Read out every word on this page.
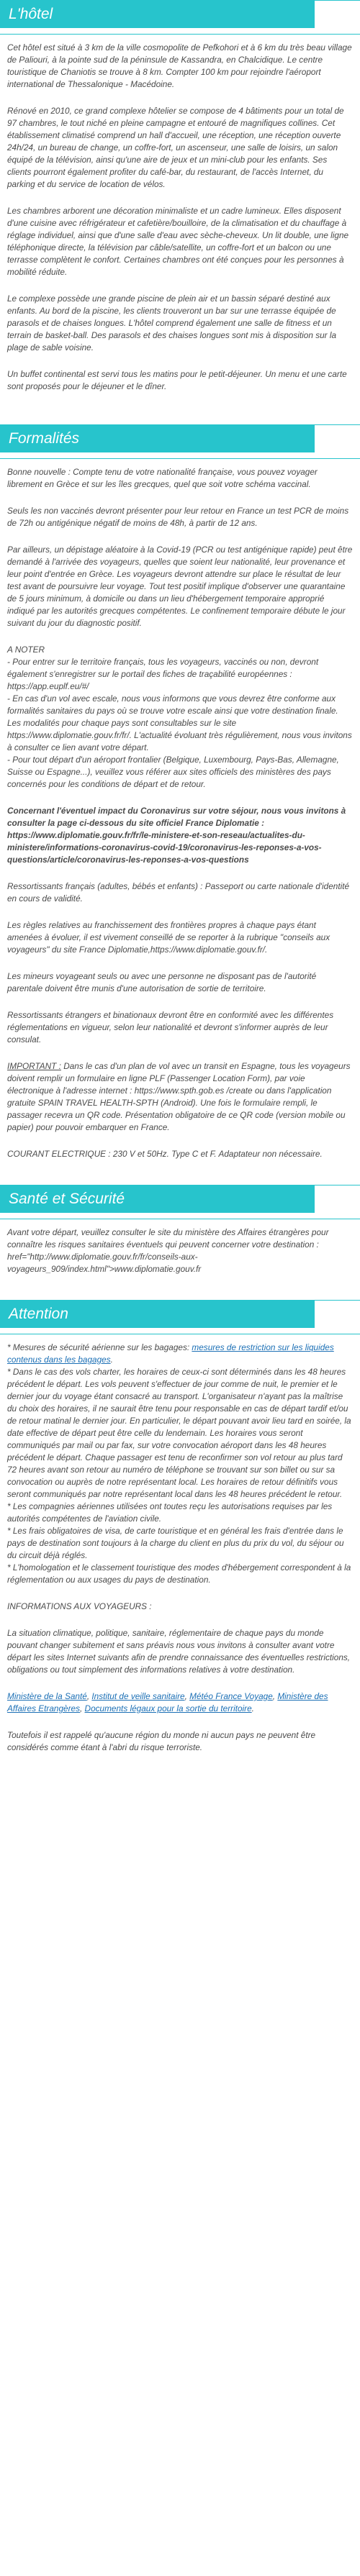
L'hôtel

Cet hôtel est situé à 3 km de la ville cosmopolite de Pefkohori et à 6 km du très beau village de Paliouri, à la pointe sud de la péninsule de Kassandra, en Chalcidique. Le centre touristique de Chaniotis se trouve à 8 km. Compter 100 km pour rejoindre l'aéroport international de Thessalonique - Macédoine.

Rénové en 2010, ce grand complexe hôtelier se compose de 4 bâtiments pour un total de 97 chambres, le tout niché en pleine campagne et entouré de magnifiques collines. Cet établissement climatisé comprend un hall d'accueil, une réception, une réception ouverte 24h/24, un bureau de change, un coffre-fort, un ascenseur, une salle de loisirs, un salon équipé de la télévision, ainsi qu'une aire de jeux et un mini-club pour les enfants. Ses clients pourront également profiter du café-bar, du restaurant, de l'accès Internet, du parking et du service de location de vélos.

Les chambres arborent une décoration minimaliste et un cadre lumineux. Elles disposent d'une cuisine avec réfrigérateur et cafetière/bouilloire, de la climatisation et du chauffage à réglage individuel, ainsi que d'une salle d'eau avec sèche-cheveux. Un lit double, une ligne téléphonique directe, la télévision par câble/satellite, un coffre-fort et un balcon ou une terrasse complètent le confort. Certaines chambres ont été conçues pour les personnes à mobilité réduite.

Le complexe possède une grande piscine de plein air et un bassin séparé destiné aux enfants. Au bord de la piscine, les clients trouveront un bar sur une terrasse équipée de parasols et de chaises longues. L'hôtel comprend également une salle de fitness et un terrain de basket-ball. Des parasols et des chaises longues sont mis à disposition sur la plage de sable voisine.

Un buffet continental est servi tous les matins pour le petit-déjeuner. Un menu et une carte sont proposés pour le déjeuner et le dîner.

Formalités

Bonne nouvelle : Compte tenu de votre nationalité française, vous pouvez voyager librement en Grèce et sur les îles grecques, quel que soit votre schéma vaccinal.

Seuls les non vaccinés devront présenter pour leur retour en France un test PCR de moins de 72h ou antigénique négatif de moins de 48h, à partir de 12 ans.

Par ailleurs, un dépistage aléatoire à la Covid-19 (PCR ou test antigénique rapide) peut être demandé à l'arrivée des voyageurs, quelles que soient leur nationalité, leur provenance et leur point d'entrée en Grèce. Les voyageurs devront attendre sur place le résultat de leur test avant de poursuivre leur voyage. Tout test positif implique d'observer une quarantaine de 5 jours minimum, à domicile ou dans un lieu d'hébergement temporaire approprié indiqué par les autorités grecques compétentes. Le confinement temporaire débute le jour suivant du jour du diagnostic positif.

A NOTER

- Pour entrer sur le territoire français, tous les voyageurs, vaccinés ou non, devront également s'enregistrer sur le portail des fiches de traçabilité européennes : https://app.euplf.eu/#/

- En cas d'un vol avec escale, nous vous informons que vous devrez être conforme aux formalités sanitaires du pays où se trouve votre escale ainsi que votre destination finale.

Les modalités pour chaque pays sont consultables sur le site https://www.diplomatie.gouv.fr/fr/. L'actualité évoluant très régulièrement, nous vous invitons à consulter ce lien avant votre départ.

- Pour tout départ d'un aéroport frontalier (Belgique, Luxembourg, Pays-Bas, Allemagne, Suisse ou Espagne...), veuillez vous référer aux sites officiels des ministères des pays concernés pour les conditions de départ et de retour.

Concernant l'éventuel impact du Coronavirus sur votre séjour, nous vous invitons à consulter la page ci-dessous du site officiel France Diplomatie : https://www.diplomatie.gouv.fr/fr/le-ministere-et-son-reseau/actualites-du-ministere/informations-coronavirus-covid-19/coronavirus-les-reponses-a-vos-questions/article/coronavirus-les-reponses-a-vos-questions

Ressortissants français (adultes, bébés et enfants) : Passeport ou carte nationale d'identité en cours de validité.

Les règles relatives au franchissement des frontières propres à chaque pays étant amenées à évoluer, il est vivement conseillé de se reporter à la rubrique "conseils aux voyageurs" du site France Diplomatie,https://www.diplomatie.gouv.fr/.

Les mineurs voyageant seuls ou avec une personne ne disposant pas de l'autorité parentale doivent être munis d'une autorisation de sortie de territoire.

Ressortissants étrangers et binationaux devront être en conformité avec les différentes réglementations en vigueur, selon leur nationalité et devront s'informer auprès de leur consulat.

IMPORTANT : Dans le cas d'un plan de vol avec un transit en Espagne, tous les voyageurs doivent remplir un formulaire en ligne PLF (Passenger Location Form), par voie électronique à l'adresse internet : https://www.spth.gob.es /create ou dans l'application gratuite SPAIN TRAVEL HEALTH-SPTH (Android). Une fois le formulaire rempli, le passager recevra un QR code. Présentation obligatoire de ce QR code (version mobile ou papier) pour pouvoir embarquer en France.

COURANT ELECTRIQUE : 230 V et 50Hz. Type C et F. Adaptateur non nécessaire.

Santé et Sécurité

Avant votre départ, veuillez consulter le site du ministère des Affaires étrangères pour connaître les risques sanitaires éventuels qui peuvent concerner votre destination : href="http://www.diplomatie.gouv.fr/fr/conseils-aux-voyageurs_909/index.html">www.diplomatie.gouv.fr

Attention

* Mesures de sécurité aérienne sur les bagages: mesures de restriction sur les liquides contenus dans les bagages.

* Dans le cas des vols charter, les horaires de ceux-ci sont déterminés dans les 48 heures précédent le départ. Les vols peuvent s'effectuer de jour comme de nuit, le premier et le dernier jour du voyage étant consacré au transport. L'organisateur n'ayant pas la maîtrise du choix des horaires, il ne saurait être tenu pour responsable en cas de départ tardif et/ou de retour matinal le dernier jour. En particulier, le départ pouvant avoir lieu tard en soirée, la date effective de départ peut être celle du lendemain. Les horaires vous seront communiqués par mail ou par fax, sur votre convocation aéroport dans les 48 heures précédent le départ. Chaque passager est tenu de reconfirmer son vol retour au plus tard 72 heures avant son retour au numéro de téléphone se trouvant sur son billet ou sur sa convocation ou auprès de notre représentant local. Les horaires de retour définitifs vous seront communiqués par notre représentant local dans les 48 heures précédent le retour.

* Les compagnies aériennes utilisées ont toutes reçu les autorisations requises par les autorités compétentes de l'aviation civile.

* Les frais obligatoires de visa, de carte touristique et en général les frais d'entrée dans le pays de destination sont toujours à la charge du client en plus du prix du vol, du séjour ou du circuit déjà réglés.

* L'homologation et le classement touristique des modes d'hébergement correspondent à la réglementation ou aux usages du pays de destination.

INFORMATIONS AUX VOYAGEURS :

La situation climatique, politique, sanitaire, réglementaire de chaque pays du monde pouvant changer subitement et sans préavis nous vous invitons à consulter avant votre départ les sites Internet suivants afin de prendre connaissance des éventuelles restrictions, obligations ou tout simplement des informations relatives à votre destination.

Ministère de la Santé, Institut de veille sanitaire, Météo France Voyage, Ministère des Affaires Etrangères, Documents légaux pour la sortie du territoire.

Toutefois il est rappelé qu'aucune région du monde ni aucun pays ne peuvent être considérés comme étant à l'abri du risque terroriste.
